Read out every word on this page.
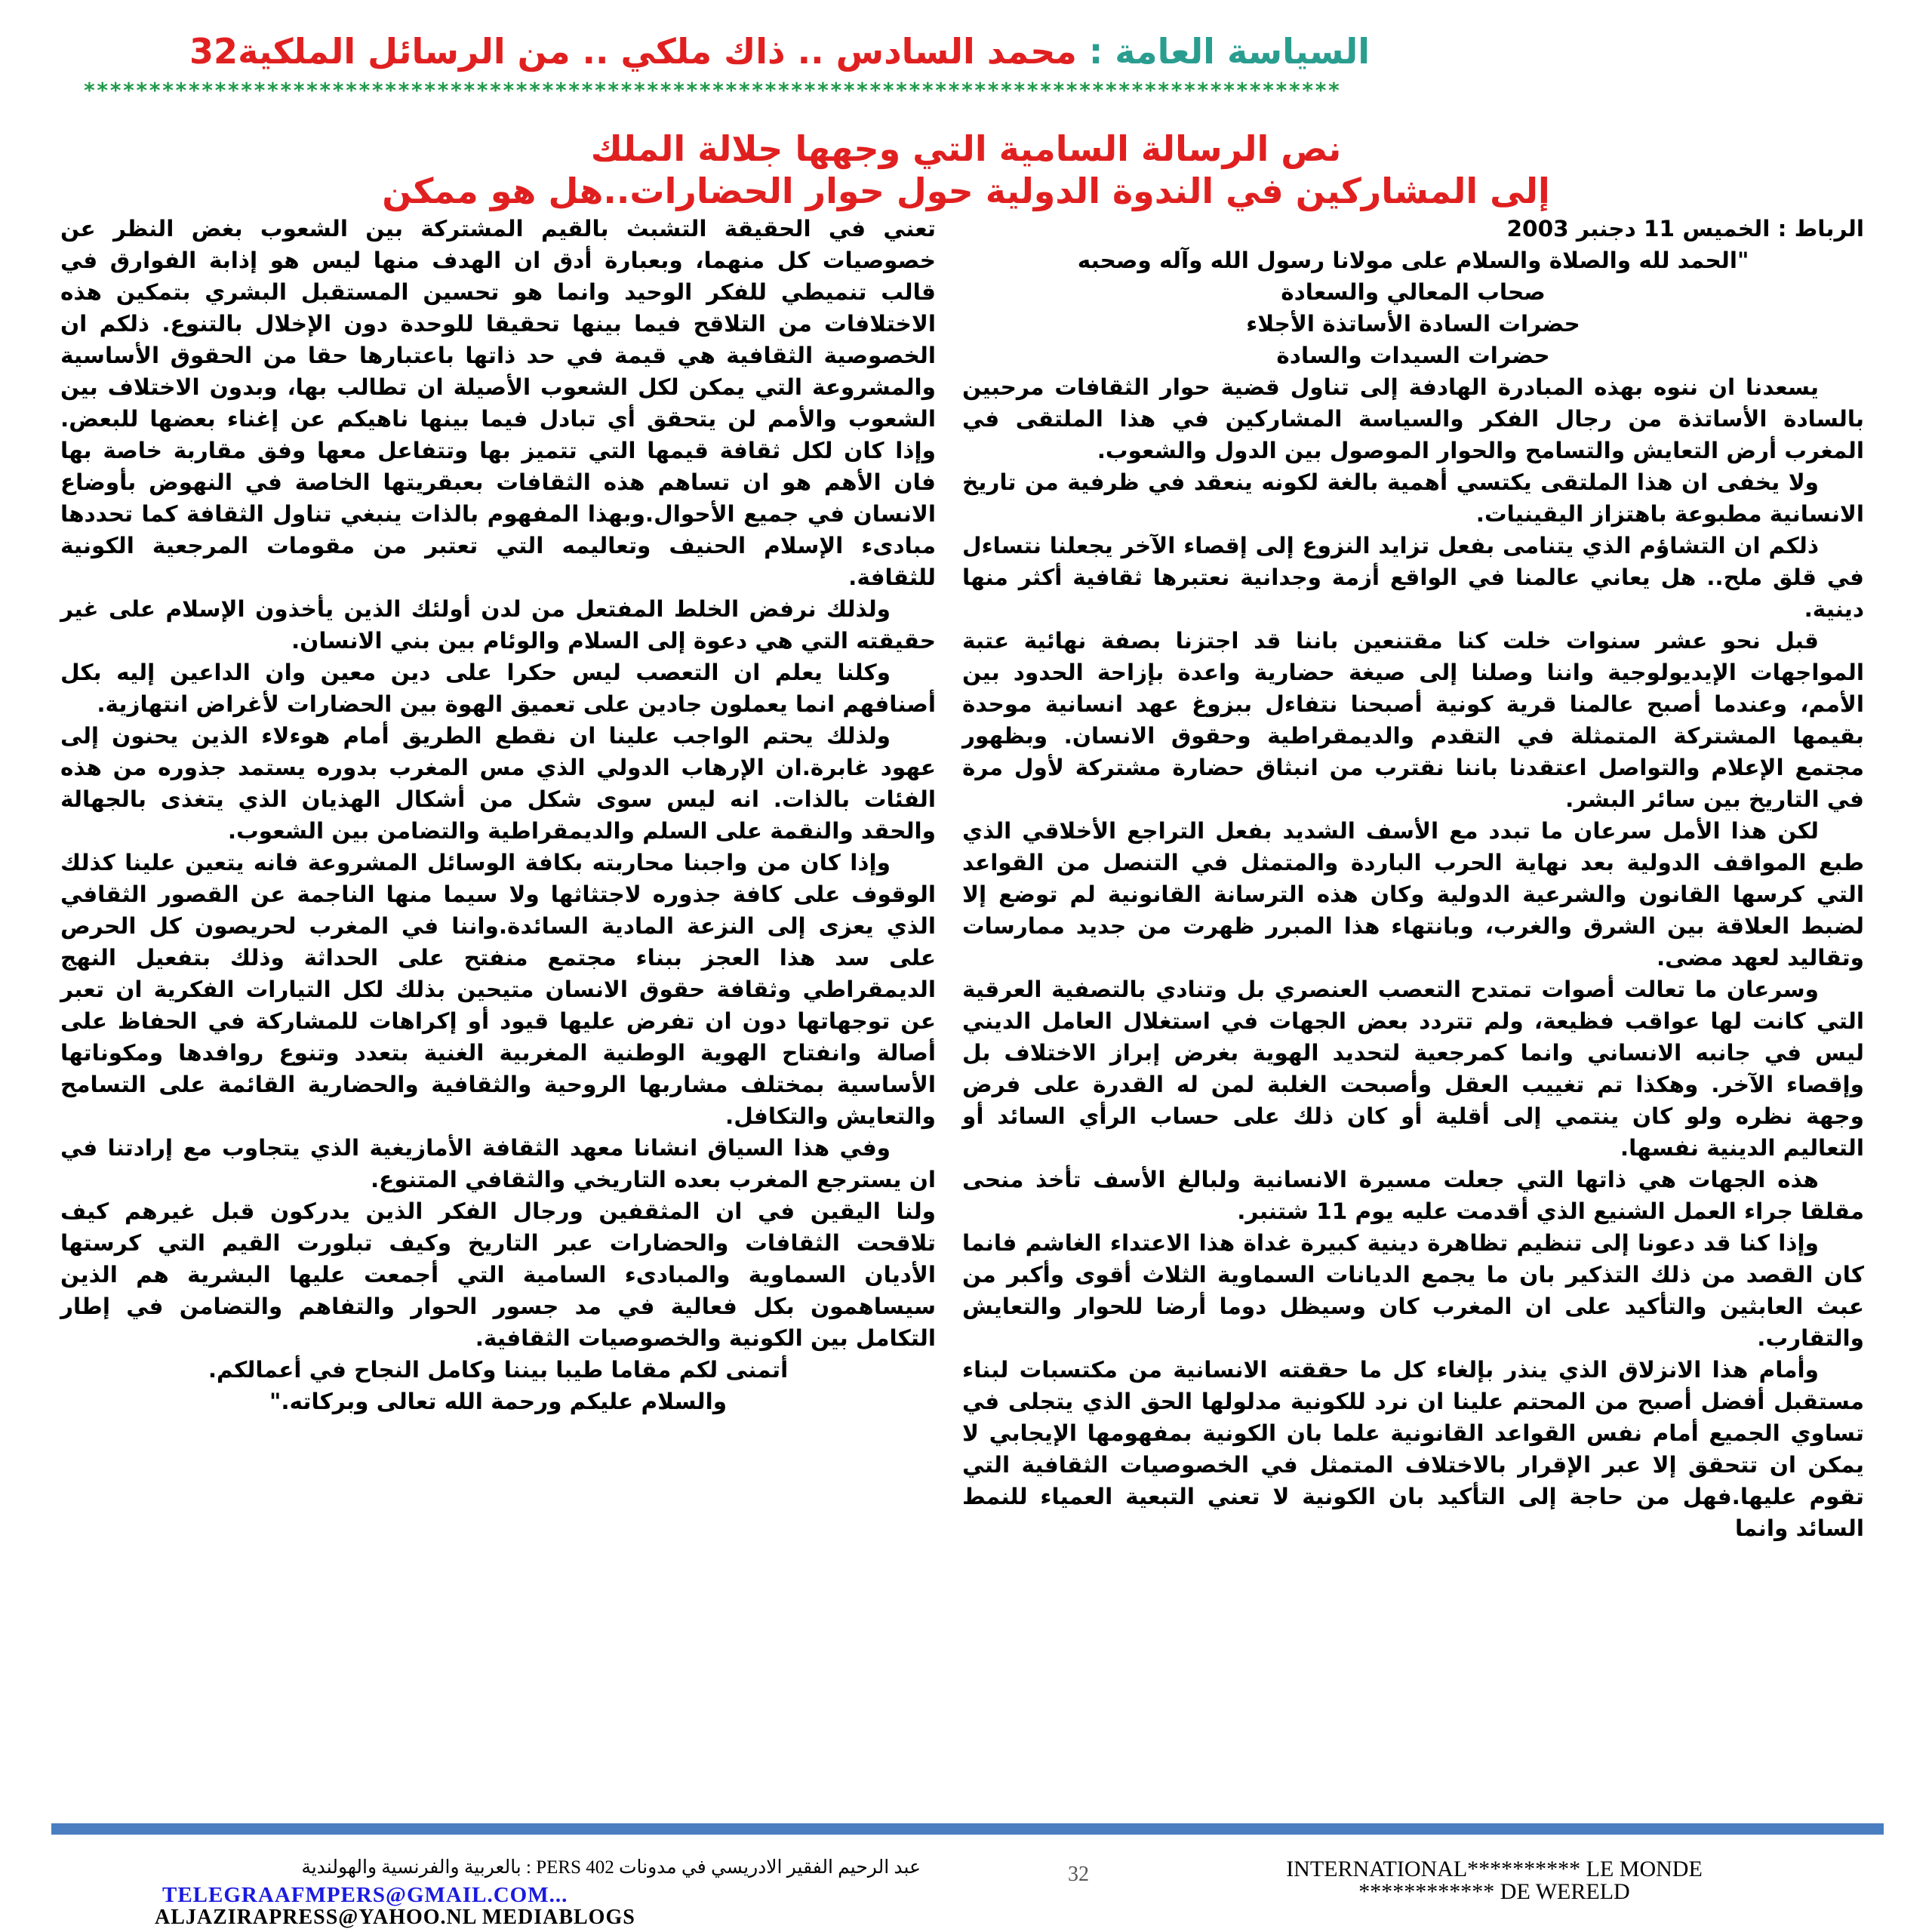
السياسة العامة : محمد السادس .. ذاك ملكي .. من الرسائل الملكية32
************************************************************************************************
نص الرسالة السامية التي وجهها جلالة الملك
إلى المشاركين في الندوة الدولية حول حوار الحضارات..هل هو ممكن

الرباط : الخميس 11 دجنبر 2003

"الحمد لله والصلاة والسلام على مولانا رسول الله وآله وصحبه

صحاب المعالي والسعادة

حضرات السادة الأساتذة الأجلاء

حضرات السيدات والسادة

يسعدنا ان ننوه بهذه المبادرة الهادفة إلى تناول قضية حوار الثقافات مرحبين بالسادة الأساتذة من رجال الفكر والسياسة المشاركين في هذا الملتقى في المغرب أرض التعايش والتسامح والحوار الموصول بين الدول والشعوب.

ولا يخفى ان هذا الملتقى يكتسي أهمية بالغة لكونه ينعقد في ظرفية من تاريخ الانسانية مطبوعة باهتزاز اليقينيات.

ذلكم ان التشاؤم الذي يتنامى بفعل تزايد النزوع إلى إقصاء الآخر يجعلنا نتساءل في قلق ملح.. هل يعاني عالمنا في الواقع أزمة وجدانية نعتبرها ثقافية أكثر منها دينية.

قبل نحو عشر سنوات خلت كنا مقتنعين باننا قد اجتزنا بصفة نهائية عتبة المواجهات الإيديولوجية واننا وصلنا إلى صيغة حضارية واعدة بإزاحة الحدود بين الأمم، وعندما أصبح عالمنا قرية كونية أصبحنا نتفاءل ببزوغ عهد انسانية موحدة بقيمها المشتركة المتمثلة في التقدم والديمقراطية وحقوق الانسان. وبظهور مجتمع الإعلام والتواصل اعتقدنا باننا نقترب من انبثاق حضارة مشتركة لأول مرة في التاريخ بين سائر البشر.

لكن هذا الأمل سرعان ما تبدد مع الأسف الشديد بفعل التراجع الأخلاقي الذي طبع المواقف الدولية بعد نهاية الحرب الباردة والمتمثل في التنصل من القواعد التي كرسها القانون والشرعية الدولية وكان هذه الترسانة القانونية لم توضع إلا لضبط العلاقة بين الشرق والغرب، وبانتهاء هذا المبرر ظهرت من جديد ممارسات وتقاليد لعهد مضى.

وسرعان ما تعالت أصوات تمتدح التعصب العنصري بل وتنادي بالتصفية العرقية التي كانت لها عواقب فظيعة، ولم تتردد بعض الجهات في استغلال العامل الديني ليس في جانبه الانساني وانما كمرجعية لتحديد الهوية بغرض إبراز الاختلاف بل وإقصاء الآخر. وهكذا تم تغييب العقل وأصبحت الغلبة لمن له القدرة على فرض وجهة نظره ولو كان ينتمي إلى أقلية أو كان ذلك على حساب الرأي السائد أو التعاليم الدينية نفسها.

هذه الجهات هي ذاتها التي جعلت مسيرة الانسانية ولبالغ الأسف تأخذ منحى مقلقا جراء العمل الشنيع الذي أقدمت عليه يوم 11 شتنبر.

وإذا كنا قد دعونا إلى تنظيم تظاهرة دينية كبيرة غداة هذا الاعتداء الغاشم فانما كان القصد من ذلك التذكير بان ما يجمع الديانات السماوية الثلاث أقوى وأكبر من عبث العابثين والتأكيد على ان المغرب كان وسيظل دوما أرضا للحوار والتعايش والتقارب.

وأمام هذا الانزلاق الذي ينذر بإلغاء كل ما حققته الانسانية من مكتسبات لبناء مستقبل أفضل أصبح من المحتم علينا ان نرد للكونية مدلولها الحق الذي يتجلى في تساوي الجميع أمام نفس القواعد القانونية علما بان الكونية بمفهومها الإيجابي لا يمكن ان تتحقق إلا عبر الإقرار بالاختلاف المتمثل في الخصوصيات الثقافية التي تقوم عليها.فهل من حاجة إلى التأكيد بان الكونية لا تعني التبعية العمياء للنمط السائد وانما

تعني في الحقيقة التشبث بالقيم المشتركة بين الشعوب بغض النظر عن خصوصيات كل منهما، وبعبارة أدق ان الهدف منها ليس هو إذابة الفوارق في قالب تنميطي للفكر الوحيد وانما هو تحسين المستقبل البشري بتمكين هذه الاختلافات من التلاقح فيما بينها تحقيقا للوحدة دون الإخلال بالتنوع. ذلكم ان الخصوصية الثقافية هي قيمة في حد ذاتها باعتبارها حقا من الحقوق الأساسية والمشروعة التي يمكن لكل الشعوب الأصيلة ان تطالب بها، وبدون الاختلاف بين الشعوب والأمم لن يتحقق أي تبادل فيما بينها ناهيكم عن إغناء بعضها للبعض. وإذا كان لكل ثقافة قيمها التي تتميز بها وتتفاعل معها وفق مقاربة خاصة بها فان الأهم هو ان تساهم هذه الثقافات بعبقريتها الخاصة في النهوض بأوضاع الانسان في جميع الأحوال.وبهذا المفهوم بالذات ينبغي تناول الثقافة كما تحددها مبادىء الإسلام الحنيف وتعاليمه التي تعتبر من مقومات المرجعية الكونية للثقافة.

ولذلك نرفض الخلط المفتعل من لدن أولئك الذين يأخذون الإسلام على غير حقيقته التي هي دعوة إلى السلام والوئام بين بني الانسان.

وكلنا يعلم ان التعصب ليس حكرا على دين معين وان الداعين إليه بكل أصنافهم انما يعملون جادين على تعميق الهوة بين الحضارات لأغراض انتهازية.

ولذلك يحتم الواجب علينا ان نقطع الطريق أمام هوءلاء الذين يحنون إلى عهود غابرة.ان الإرهاب الدولي الذي مس المغرب بدوره يستمد جذوره من هذه الفئات بالذات. انه ليس سوى شكل من أشكال الهذيان الذي يتغذى بالجهالة والحقد والنقمة على السلم والديمقراطية والتضامن بين الشعوب.

وإذا كان من واجبنا محاربته بكافة الوسائل المشروعة فانه يتعين علينا كذلك الوقوف على كافة جذوره لاجتثاثها ولا سيما منها الناجمة عن القصور الثقافي الذي يعزى إلى النزعة المادية السائدة.واننا في المغرب لحريصون كل الحرص على سد هذا العجز ببناء مجتمع منفتح على الحداثة وذلك بتفعيل النهج الديمقراطي وثقافة حقوق الانسان متيحين بذلك لكل التيارات الفكرية ان تعبر عن توجهاتها دون ان تفرض عليها قيود أو إكراهات للمشاركة في الحفاظ على أصالة وانفتاح الهوية الوطنية المغربية الغنية بتعدد وتنوع روافدها ومكوناتها الأساسية بمختلف مشاربها الروحية والثقافية والحضارية القائمة على التسامح والتعايش والتكافل.

وفي هذا السياق انشانا معهد الثقافة الأمازيغية الذي يتجاوب مع إرادتنا في ان يسترجع المغرب بعده التاريخي والثقافي المتنوع.

ولنا اليقين في ان المثقفين ورجال الفكر الذين يدركون قبل غيرهم كيف تلاقحت الثقافات والحضارات عبر التاريخ وكيف تبلورت القيم التي كرستها الأديان السماوية والمبادىء السامية التي أجمعت عليها البشرية هم الذين سيساهمون بكل فعالية في مد جسور الحوار والتفاهم والتضامن في إطار التكامل بين الكونية والخصوصيات الثقافية.

أتمنى لكم مقاما طيبا بيننا وكامل النجاح في أعمالكم.

والسلام عليكم ورحمة الله تعالى وبركاته."

عبد الرحيم الفقير الادريسي في مدونات PERS 402 : بالعربية والفرنسية والهولندية
TELEGRAAFMPERS@GMAIL.COM...
ALJAZIRAPRESS@YAHOO.NL MEDIABLOGS
32	INTERNATIONAL********** LE MONDE
************ DE WERELD
